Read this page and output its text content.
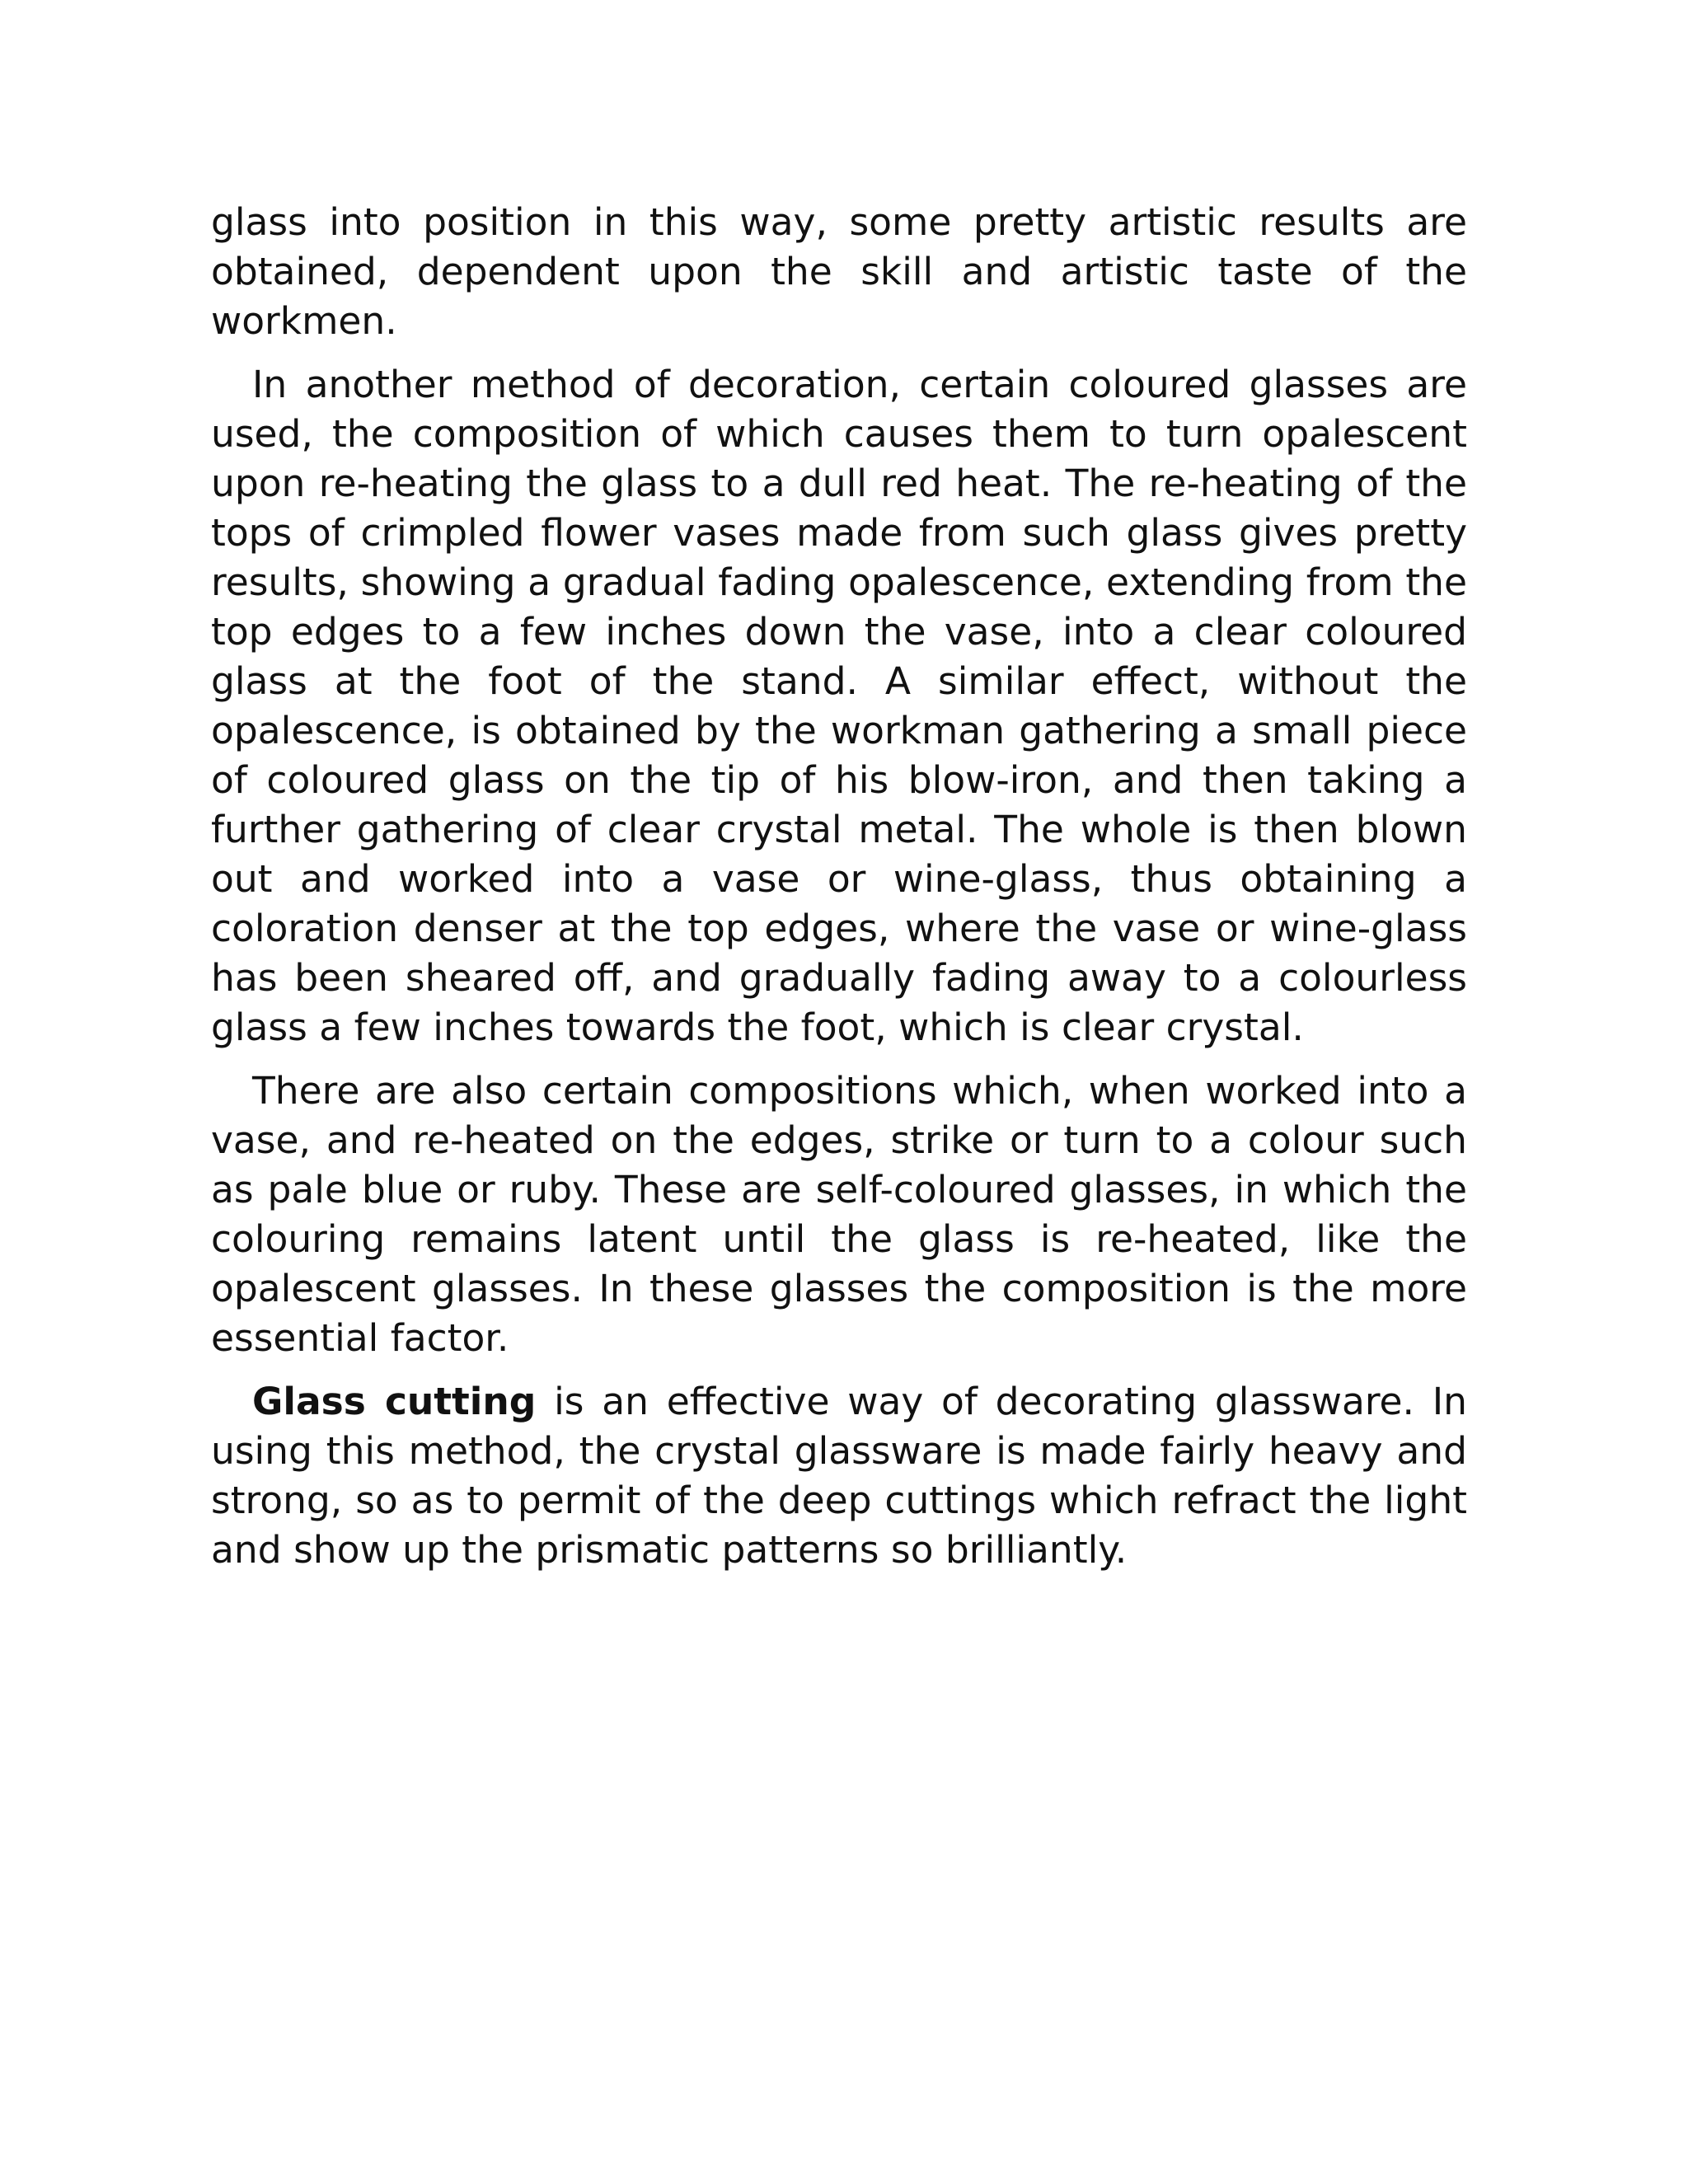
glass into position in this way, some pretty artistic results are obtained, dependent upon the skill and artistic taste of the workmen.

In another method of decoration, certain coloured glasses are used, the composition of which causes them to turn opalescent upon re-heating the glass to a dull red heat. The re-heating of the tops of crimpled flower vases made from such glass gives pretty results, showing a gradual fading opalescence, extending from the top edges to a few inches down the vase, into a clear coloured glass at the foot of the stand. A similar effect, without the opalescence, is obtained by the workman gathering a small piece of coloured glass on the tip of his blow-iron, and then taking a further gathering of clear crystal metal. The whole is then blown out and worked into a vase or wine-glass, thus obtaining a coloration denser at the top edges, where the vase or wine-glass has been sheared off, and gradually fading away to a colourless glass a few inches towards the foot, which is clear crystal.

There are also certain compositions which, when worked into a vase, and re-heated on the edges, strike or turn to a colour such as pale blue or ruby. These are self-coloured glasses, in which the colouring remains latent until the glass is re-heated, like the opalescent glasses. In these glasses the composition is the more essential factor.

Glass cutting is an effective way of decorating glassware. In using this method, the crystal glassware is made fairly heavy and strong, so as to permit of the deep cuttings which refract the light and show up the prismatic patterns so brilliantly.
